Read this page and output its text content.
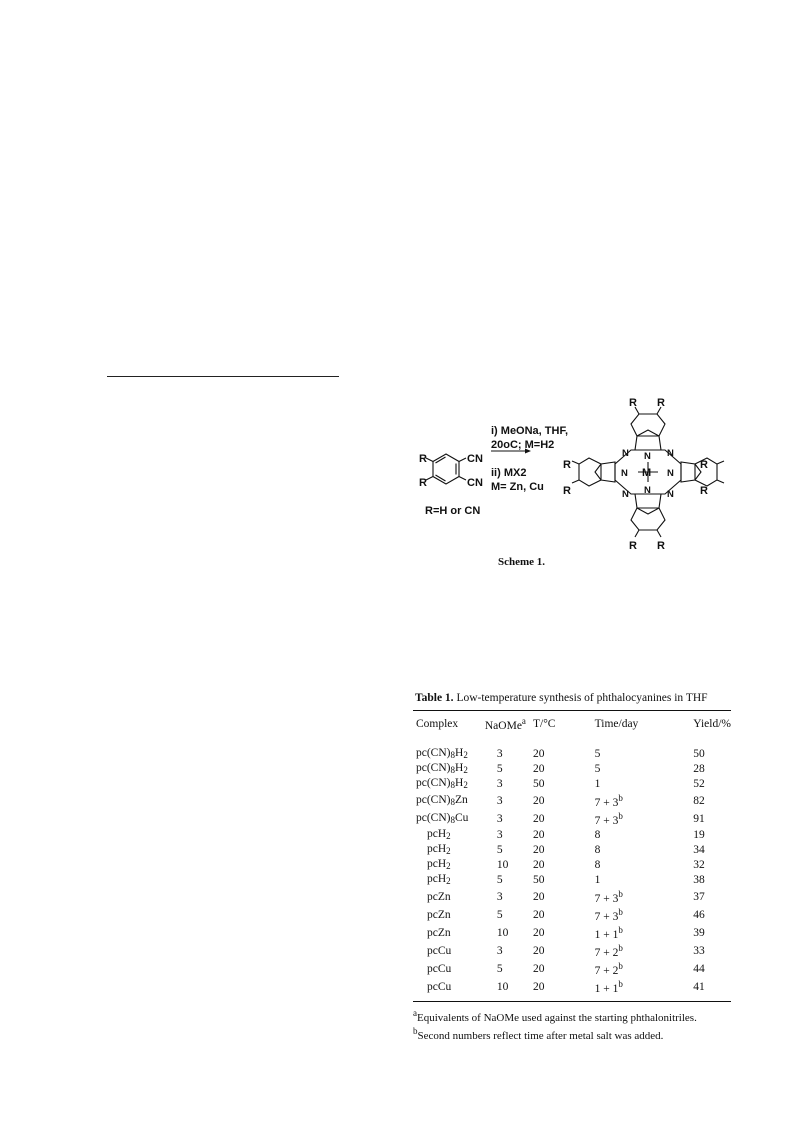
R
R
CN
CN
R=H or CN
i) MeONa, THF,
20oC; M=H2
ii) MX2
M= Zn, Cu
R R
R R
R
R
R
R
N	N
N	N
N
N
N	N
M
Scheme 1.
Table 1. Low-temperature synthesis of phthalocyanines in THF
Complex	NaOMe$^a$	T/°C	Time/day	Yield/%
$pc(CN)_8H_2$	3	20	5	50
$pc(CN)_8H_2$	5	20	5	28
$pc(CN)_8H_2$	3	50	1	52
$pc(CN)_8Zn$	3	20	$7 + 3^b$	82
$pc(CN)_8Cu$	3	20	$7 + 3^b$	91
pcH$_2$	3	20	8	19
pcH$_2$	5	20	8	34
pcH$_2$	10	20	8	32
pcH$_2$	5	50	1	38
pcZn	3	20	$7 + 3^b$	37
pcZn	5	20	$7 + 3^b$	46
pcZn	10	20	$1 + 1^b$	39
pcCu	3	20	$7 + 2^b$	33
pcCu	5	20	$7 + 2^b$	44
pcCu	10	20	$1 + 1^b$	41
$^a$Equivalents of NaOMe used against the starting phthalonitriles.
$^b$Second numbers reflect time after metal salt was added.
